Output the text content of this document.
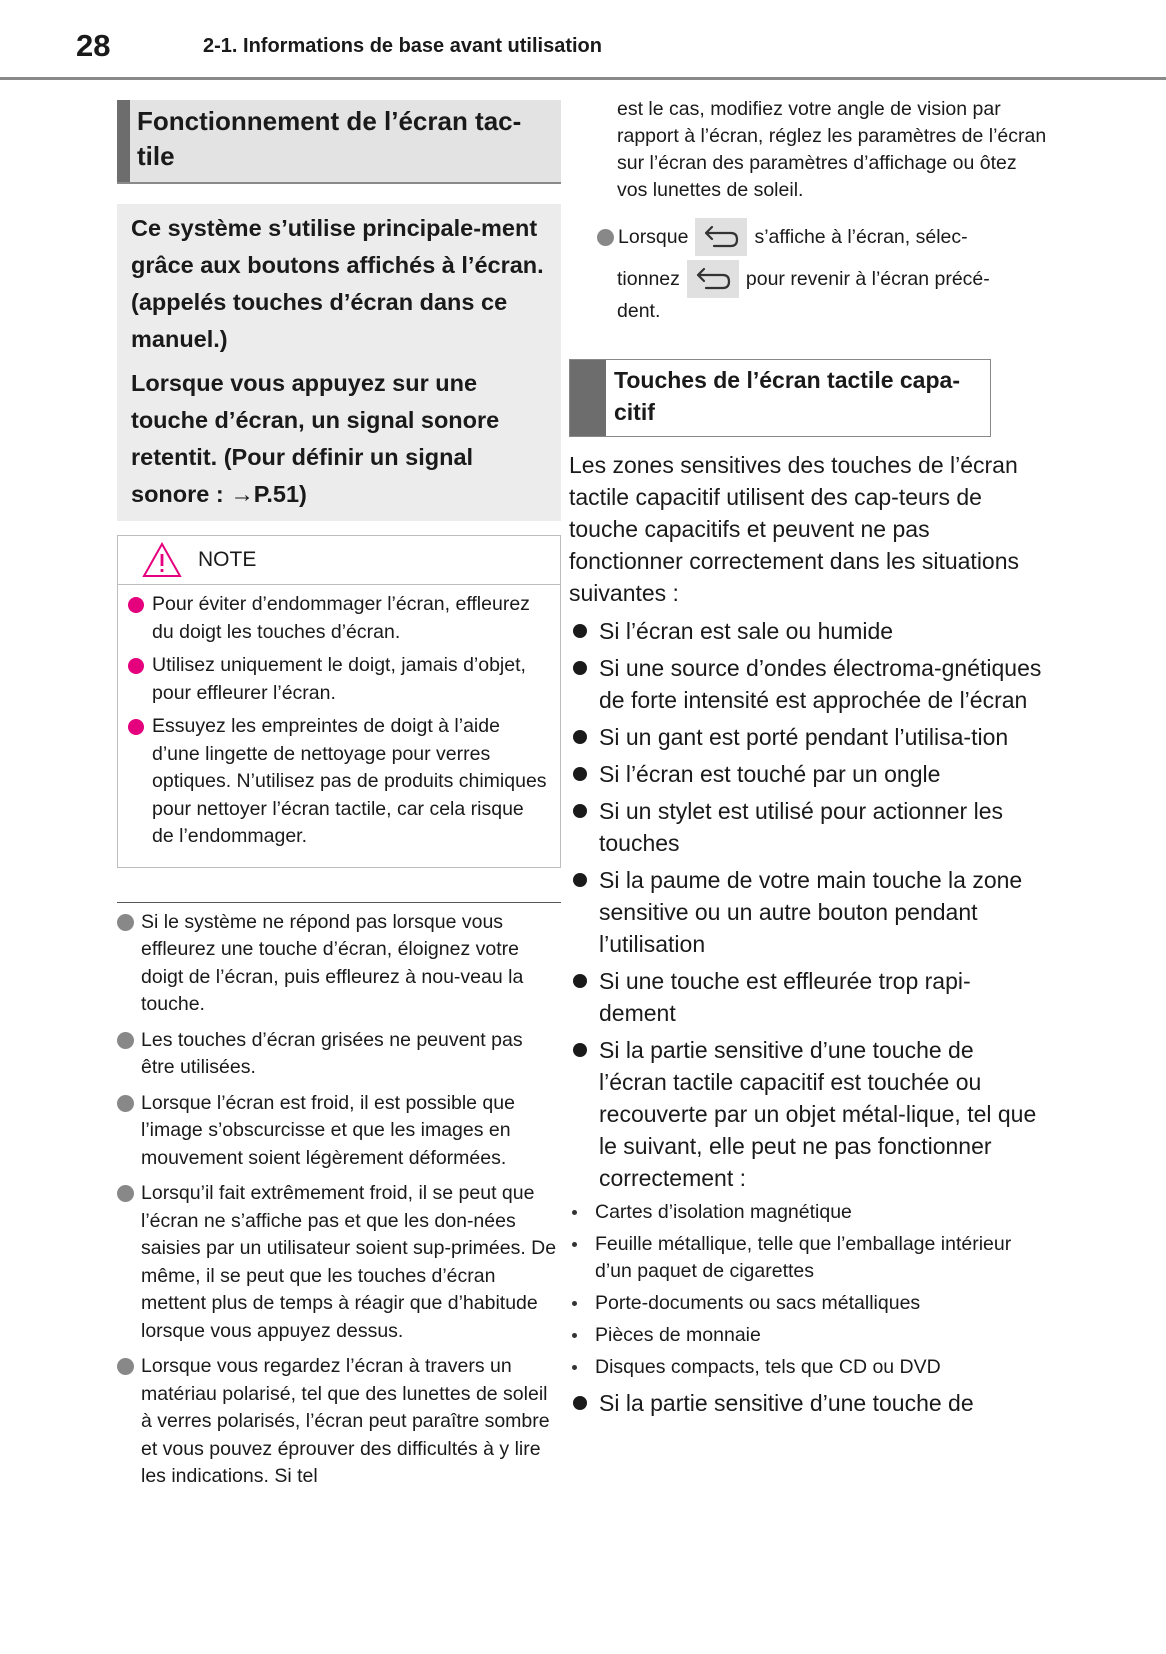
28	2-1. Informations de base avant utilisation
Fonctionnement de l’écran tac-
tile

Ce système s’utilise principale-ment grâce aux boutons affichés à l’écran. (appelés touches d’écran dans ce manuel.)

Lorsque vous appuyez sur une touche d’écran, un signal sonore retentit. (Pour définir un signal sonore : →P.51)

NOTE
Pour éviter d’endommager l’écran, effleurez du doigt les touches d’écran.
Utilisez uniquement le doigt, jamais d’objet, pour effleurer l’écran.
Essuyez les empreintes de doigt à l’aide d’une lingette de nettoyage pour verres optiques. N’utilisez pas de produits chimiques pour nettoyer l’écran tactile, car cela risque de l’endommager.
Si le système ne répond pas lorsque vous effleurez une touche d’écran, éloignez votre doigt de l’écran, puis effleurez à nou-veau la touche.
Les touches d’écran grisées ne peuvent pas être utilisées.
Lorsque l’écran est froid, il est possible que l’image s’obscurcisse et que les images en mouvement soient légèrement déformées.
Lorsqu’il fait extrêmement froid, il se peut que l’écran ne s’affiche pas et que les don-nées saisies par un utilisateur soient sup-primées. De même, il se peut que les touches d’écran mettent plus de temps à réagir que d’habitude lorsque vous appuyez dessus.
Lorsque vous regardez l’écran à travers un matériau polarisé, tel que des lunettes de soleil à verres polarisés, l’écran peut paraître sombre et vous pouvez éprouver des difficultés à y lire les indications. Si tel

est le cas, modifiez votre angle de vision par rapport à l’écran, réglez les paramètres de l’écran sur l’écran des paramètres d’affichage ou ôtez vos lunettes de soleil.

Lorsque	s’affiche à l’écran, sélec-
tionnez	pour revenir à l’écran précé-
dent.
Touches de l’écran tactile capa-
citif

Les zones sensitives des touches de l’écran tactile capacitif utilisent des cap-teurs de touche capacitifs et peuvent ne pas fonctionner correctement dans les situations suivantes :

Si l’écran est sale ou humide
Si une source d’ondes électroma-gnétiques de forte intensité est approchée de l’écran
Si un gant est porté pendant l’utilisa-tion
Si l’écran est touché par un ongle
Si un stylet est utilisé pour actionner les touches
Si la paume de votre main touche la zone sensitive ou un autre bouton pendant l’utilisation
Si une touche est effleurée trop rapi-dement
Si la partie sensitive d’une touche de l’écran tactile capacitif est touchée ou recouverte par un objet métal-lique, tel que le suivant, elle peut ne pas fonctionner correctement :
Cartes d’isolation magnétique
Feuille métallique, telle que l’emballage intérieur d’un paquet de cigarettes
Porte-documents ou sacs métalliques
Pièces de monnaie
Disques compacts, tels que CD ou DVD
Si la partie sensitive d’une touche de
